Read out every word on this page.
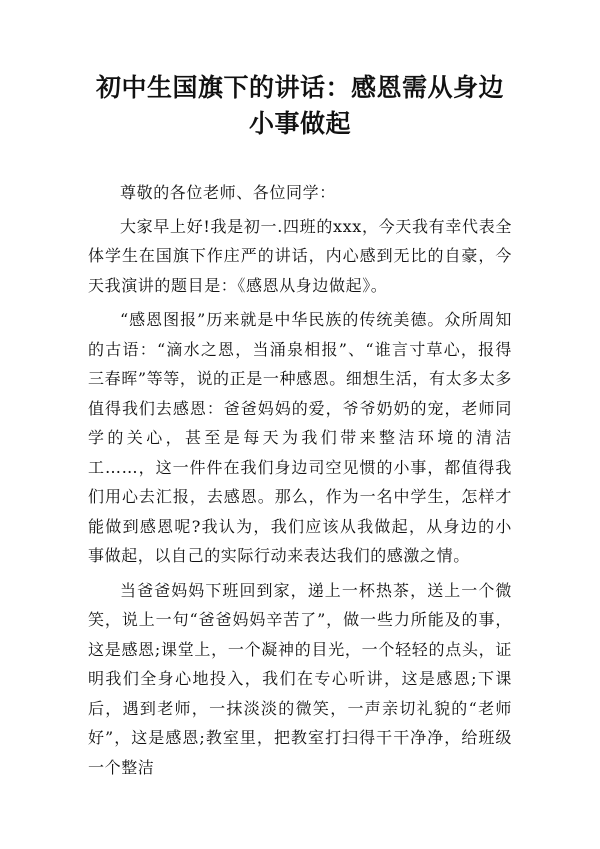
初中生国旗下的讲话：感恩需从身边小事做起

尊敬的各位老师、各位同学：

大家早上好!我是初一.四班的xxx，今天我有幸代表全体学生在国旗下作庄严的讲话，内心感到无比的自豪，今天我演讲的题目是：《感恩从身边做起》。

“感恩图报”历来就是中华民族的传统美德。众所周知的古语：“滴水之恩，当涌泉相报”、“谁言寸草心，报得三春晖”等等，说的正是一种感恩。细想生活，有太多太多值得我们去感恩：爸爸妈妈的爱，爷爷奶奶的宠，老师同学的关心，甚至是每天为我们带来整洁环境的清洁工……，这一件件在我们身边司空见惯的小事，都值得我们用心去汇报，去感恩。那么，作为一名中学生，怎样才能做到感恩呢?我认为，我们应该从我做起，从身边的小事做起，以自己的实际行动来表达我们的感激之情。

当爸爸妈妈下班回到家，递上一杯热茶，送上一个微笑，说上一句“爸爸妈妈辛苦了”，做一些力所能及的事，这是感恩;课堂上，一个凝神的目光，一个轻轻的点头，证明我们全身心地投入，我们在专心听讲，这是感恩;下课后，遇到老师，一抹淡淡的微笑，一声亲切礼貌的“老师好”，这是感恩;教室里，把教室打扫得干干净净，给班级一个整洁
